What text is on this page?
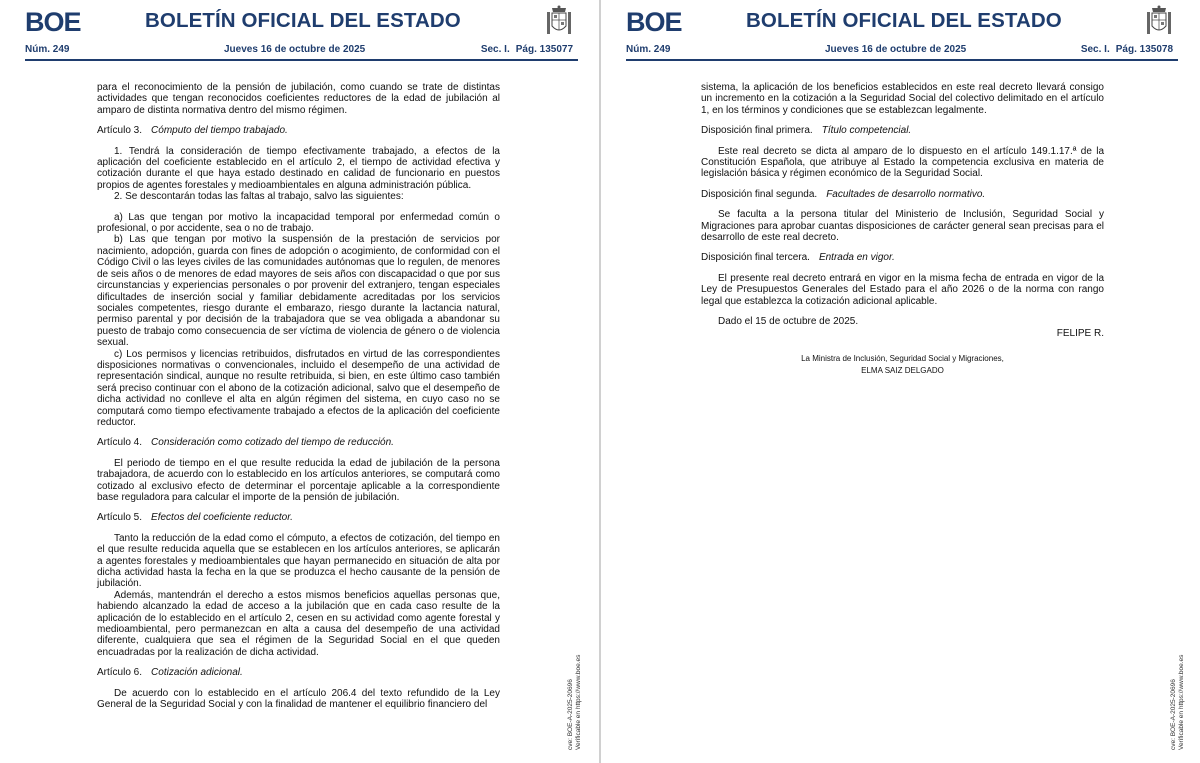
BOE	BOLETÍN OFICIAL DEL ESTADO
Núm. 249	Jueves 16 de octubre de 2025	Sec. I. Pág. 135077

para el reconocimiento de la pensión de jubilación, como cuando se trate de distintas actividades que tengan reconocidos coeficientes reductores de la edad de jubilación al amparo de distinta normativa dentro del mismo régimen.

Artículo 3. Cómputo del tiempo trabajado.

1. Tendrá la consideración de tiempo efectivamente trabajado, a efectos de la aplicación del coeficiente establecido en el artículo 2, el tiempo de actividad efectiva y cotización durante el que haya estado destinado en calidad de funcionario en puestos propios de agentes forestales y medioambientales en alguna administración pública.

2. Se descontarán todas las faltas al trabajo, salvo las siguientes:

a) Las que tengan por motivo la incapacidad temporal por enfermedad común o profesional, o por accidente, sea o no de trabajo.

b) Las que tengan por motivo la suspensión de la prestación de servicios por nacimiento, adopción, guarda con fines de adopción o acogimiento, de conformidad con el Código Civil o las leyes civiles de las comunidades autónomas que lo regulen, de menores de seis años o de menores de edad mayores de seis años con discapacidad o que por sus circunstancias y experiencias personales o por provenir del extranjero, tengan especiales dificultades de inserción social y familiar debidamente acreditadas por los servicios sociales competentes, riesgo durante el embarazo, riesgo durante la lactancia natural, permiso parental y por decisión de la trabajadora que se vea obligada a abandonar su puesto de trabajo como consecuencia de ser víctima de violencia de género o de violencia sexual.

c) Los permisos y licencias retribuidos, disfrutados en virtud de las correspondientes disposiciones normativas o convencionales, incluido el desempeño de una actividad de representación sindical, aunque no resulte retribuida, si bien, en este último caso también será preciso continuar con el abono de la cotización adicional, salvo que el desempeño de dicha actividad no conlleve el alta en algún régimen del sistema, en cuyo caso no se computará como tiempo efectivamente trabajado a efectos de la aplicación del coeficiente reductor.

Artículo 4. Consideración como cotizado del tiempo de reducción.

El periodo de tiempo en el que resulte reducida la edad de jubilación de la persona trabajadora, de acuerdo con lo establecido en los artículos anteriores, se computará como cotizado al exclusivo efecto de determinar el porcentaje aplicable a la correspondiente base reguladora para calcular el importe de la pensión de jubilación.

Artículo 5. Efectos del coeficiente reductor.

Tanto la reducción de la edad como el cómputo, a efectos de cotización, del tiempo en el que resulte reducida aquella que se establecen en los artículos anteriores, se aplicarán a agentes forestales y medioambientales que hayan permanecido en situación de alta por dicha actividad hasta la fecha en la que se produzca el hecho causante de la pensión de jubilación.

Además, mantendrán el derecho a estos mismos beneficios aquellas personas que, habiendo alcanzado la edad de acceso a la jubilación que en cada caso resulte de la aplicación de lo establecido en el artículo 2, cesen en su actividad como agente forestal y medioambiental, pero permanezcan en alta a causa del desempeño de una actividad diferente, cualquiera que sea el régimen de la Seguridad Social en el que queden encuadradas por la realización de dicha actividad.

Artículo 6. Cotización adicional.

De acuerdo con lo establecido en el artículo 206.4 del texto refundido de la Ley General de la Seguridad Social y con la finalidad de mantener el equilibrio financiero del	cve: BOE-A-2025-20696 Verificable en https://www.boe.es
BOE	BOLETÍN OFICIAL DEL ESTADO
Núm. 249	Jueves 16 de octubre de 2025	Sec. I. Pág. 135078

sistema, la aplicación de los beneficios establecidos en este real decreto llevará consigo un incremento en la cotización a la Seguridad Social del colectivo delimitado en el artículo 1, en los términos y condiciones que se establezcan legalmente.

Disposición final primera. Título competencial.

Este real decreto se dicta al amparo de lo dispuesto en el artículo 149.1.17.ª de la Constitución Española, que atribuye al Estado la competencia exclusiva en materia de legislación básica y régimen económico de la Seguridad Social.

Disposición final segunda. Facultades de desarrollo normativo.

Se faculta a la persona titular del Ministerio de Inclusión, Seguridad Social y Migraciones para aprobar cuantas disposiciones de carácter general sean precisas para el desarrollo de este real decreto.

Disposición final tercera. Entrada en vigor.

El presente real decreto entrará en vigor en la misma fecha de entrada en vigor de la Ley de Presupuestos Generales del Estado para el año 2026 o de la norma con rango legal que establezca la cotización adicional aplicable.

Dado el 15 de octubre de 2025.

FELIPE R.

La Ministra de Inclusión, Seguridad Social y Migraciones,
ELMA SAIZ DELGADO
cve: BOE-A-2025-20696 Verificable en https://www.boe.es
